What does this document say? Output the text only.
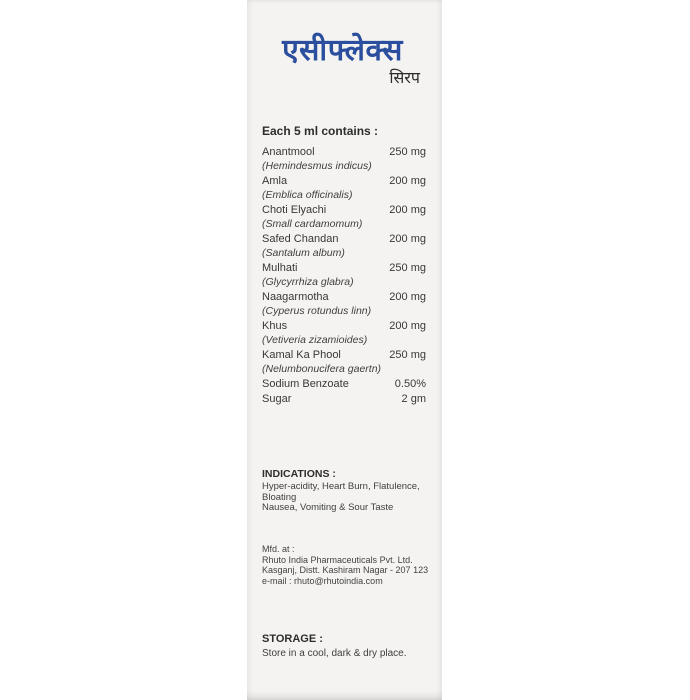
एसीफ्लेक्स
सिरप
Each 5 ml contains :
Anantmool	250 mg
(Hemindesmus indicus)
Amla	200 mg
(Emblica officinalis)
Choti Elyachi	200 mg
(Small cardamomum)
Safed Chandan	200 mg
(Santalum album)
Mulhati	250 mg
(Glycyrrhiza glabra)
Naagarmotha	200 mg
(Cyperus rotundus linn)
Khus	200 mg
(Vetiveria zizamioides)
Kamal Ka Phool	250 mg
(Nelumbonucifera gaertn)
Sodium Benzoate	0.50%
Sugar	2 gm
INDICATIONS :
Hyper-acidity, Heart Burn, Flatulence, Bloating
Nausea, Vomiting & Sour Taste
Mfd. at :
Rhuto India Pharmaceuticals Pvt. Ltd.
Kasganj, Distt. Kashiram Nagar - 207 123
e-mail : rhuto@rhutoindia.com
STORAGE :
Store in a cool, dark & dry place.
